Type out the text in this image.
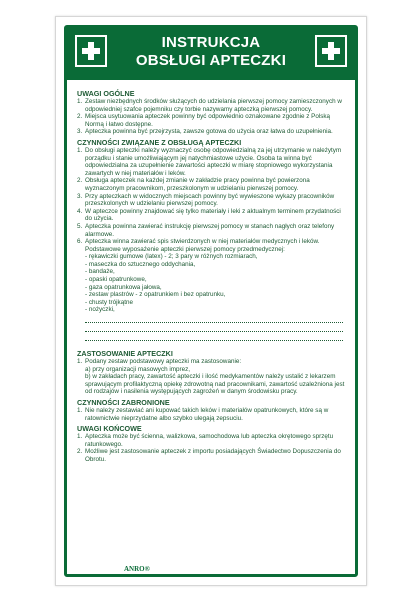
INSTRUKCJA
OBSŁUGI APTECZKI
UWAGI OGÓLNE
1. Zestaw niezbędnych środków służących do udzielania pierwszej pomocy zamieszczonych w odpowiedniej szafce pojemniku czy torbie nazywamy apteczką pierwszej pomocy.
2. Miejsca usytuowania apteczek powinny być odpowiednio oznakowane zgodnie z Polską Normą i łatwo dostępne.
3. Apteczka powinna być przejrzysta, zawsze gotowa do użycia oraz łatwa do uzupełnienia.
CZYNNOŚCI ZWIĄZANE Z OBSŁUGĄ APTECZKI
1. Do obsługi apteczki należy wyznaczyć osobę odpowiedzialną za jej utrzymanie w należytym porządku i stanie umożliwiającym jej natychmiastowe użycie. Osoba ta winna być odpowiedzialna za uzupełnienie zawartości apteczki w miarę stopniowego wykorzystania zawartych w niej materiałów i leków.
2. Obsługa apteczek na każdej zmianie w zakładzie pracy powinna być powierzona wyznaczonym pracownikom, przeszkolonym w udzielaniu pierwszej pomocy.
3. Przy apteczkach w widocznych miejscach powinny być wywieszone wykazy pracowników przeszkolonych w udzielaniu pierwszej pomocy.
4. W apteczce powinny znajdować się tylko materiały i leki z aktualnym terminem przydatności do użycia.
5. Apteczka powinna zawierać instrukcję pierwszej pomocy w stanach nagłych oraz telefony alarmowe.
6. Apteczka winna zawierać spis stwierdzonych w niej materiałów medycznych i leków.
Podstawowe wyposażenie apteczki pierwszej pomocy przedmedycznej:
- rękawiczki gumowe (latex) - 2; 3 pary w różnych rozmiarach,
- maseczka do sztucznego oddychania,
- bandaże,
- opaski opatrunkowe,
- gaza opatrunkowa jałowa,
- zestaw plastrów - z opatrunkiem i bez opatrunku,
- chusty trójkątne
- nożyczki,
ZASTOSOWANIE APTECZKI
1. Podany zestaw podstawowy apteczki ma zastosowanie:
a) przy organizacji masowych imprez,
b) w zakładach pracy, zawartość apteczki i ilość medykamentów należy ustalić z lekarzem sprawującym profilaktyczną opiekę zdrowotną nad pracownikami, zawartość uzależniona jest od rodzajów i nasilenia występujących zagrożeń w danym środowisku pracy.
CZYNNOŚCI ZABRONIONE
1. Nie należy zestawiać ani kupować takich leków i materiałów opatrunkowych, które są w ratownictwie nieprzydatne albo szybko ulegają zepsuciu.
UWAGI KOŃCOWE
1. Apteczka może być ścienna, walizkowa, samochodowa lub apteczka okrętowego sprzętu ratunkowego.
2. Możliwe jest zastosowanie apteczek z importu posiadających Świadectwo Dopuszczenia do Obrotu.
ANRO®
